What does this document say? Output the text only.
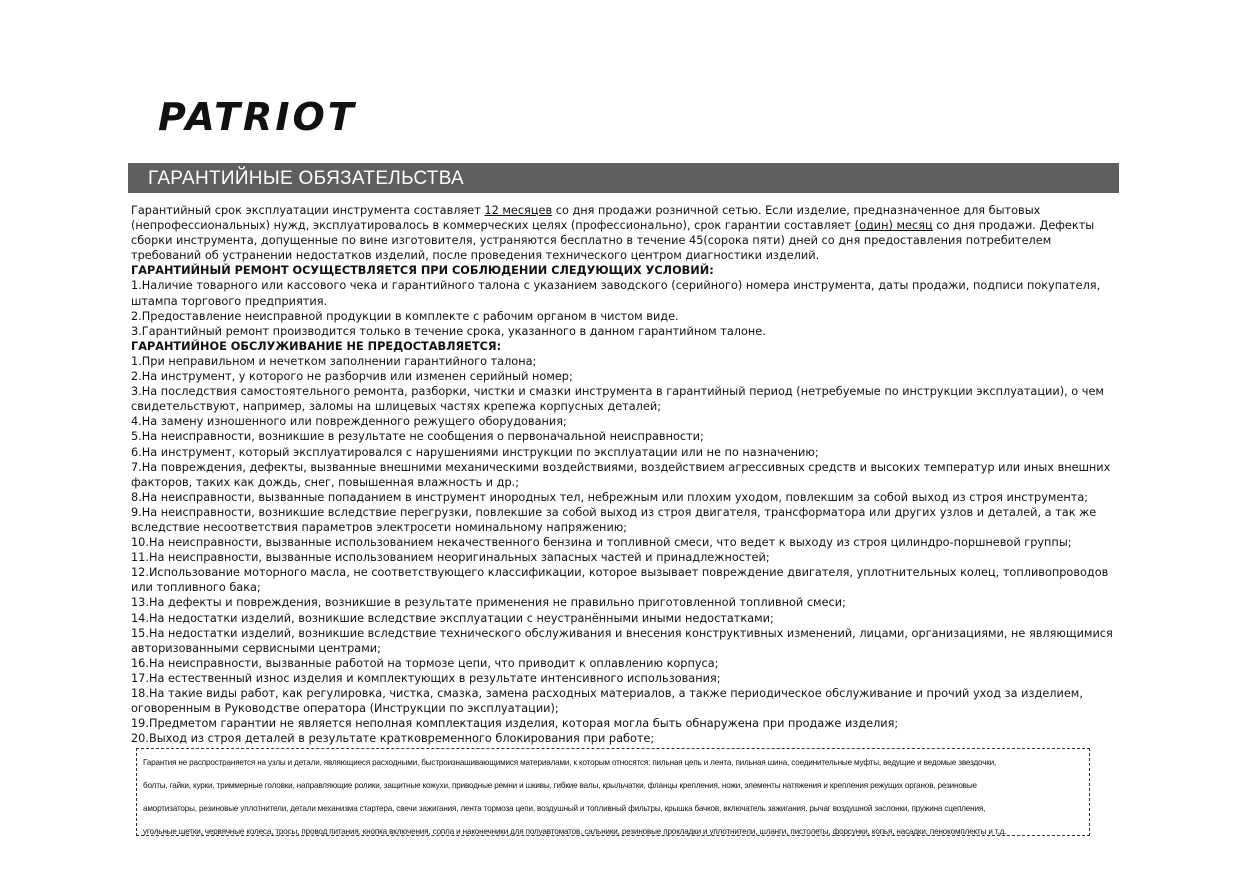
PATRIOT
ГАРАНТИЙНЫЕ ОБЯЗАТЕЛЬСТВА

Гарантийный срок эксплуатации инструмента составляет 12 месяцев со дня продажи розничной сетью. Если изделие, предназначенное для бытовых (непрофессиональных) нужд, эксплуатировалось в коммерческих целях (профессионально), срок гарантии составляет (один) месяц со дня продажи. Дефекты сборки инструмента, допущенные по вине изготовителя, устраняются бесплатно в течение 45(сорока пяти) дней со дня предоставления потребителем требований об устранении недостатков изделий, после проведения технического центром диагностики изделий.

ГАРАНТИЙНЫЙ РЕМОНТ ОСУЩЕСТВЛЯЕТСЯ ПРИ СОБЛЮДЕНИИ СЛЕДУЮЩИХ УСЛОВИЙ:

1.Наличие товарного или кассового чека и гарантийного талона с указанием заводского (серийного) номера инструмента, даты продажи, подписи покупателя, штампа торгового предприятия.

2.Предоставление неисправной продукции в комплекте с рабочим органом в чистом виде.

3.Гарантийный ремонт производится только в течение срока, указанного в данном гарантийном талоне.

ГАРАНТИЙНОЕ ОБСЛУЖИВАНИЕ НЕ ПРЕДОСТАВЛЯЕТСЯ:

1.При неправильном и нечетком заполнении гарантийного талона;

2.На инструмент, у которого не разборчив или изменен серийный номер;

3.На последствия самостоятельного ремонта, разборки, чистки и смазки инструмента в гарантийный период (нетребуемые по инструкции эксплуатации), о чем свидетельствуют, например, заломы на шлицевых частях крепежа корпусных деталей;

4.На замену изношенного или поврежденного режущего оборудования;

5.На неисправности, возникшие в результате не сообщения о первоначальной неисправности;

6.На инструмент, который эксплуатировался с нарушениями инструкции по эксплуатации или не по назначению;

7.На повреждения, дефекты, вызванные внешними механическими воздействиями, воздействием агрессивных средств и высоких температур или иных внешних факторов, таких как дождь, снег, повышенная влажность и др.;

8.На неисправности, вызванные попаданием в инструмент инородных тел, небрежным или плохим уходом, повлекшим за собой выход из строя инструмента;

9.На неисправности, возникшие вследствие перегрузки, повлекшие за собой выход из строя двигателя, трансформатора или других узлов и деталей, а так же вследствие несоответствия параметров электросети номинальному напряжению;

10.На неисправности, вызванные использованием некачественного бензина и топливной смеси, что ведет к выходу из строя цилиндро-поршневой группы;

11.На неисправности, вызванные использованием неоригинальных запасных частей и принадлежностей;

12.Использование моторного масла, не соответствующего классификации, которое вызывает повреждение двигателя, уплотнительных колец, топливопроводов или топливного бака;

13.На дефекты и повреждения, возникшие в результате применения не правильно приготовленной топливной смеси;

14.На недостатки изделий, возникшие вследствие эксплуатации с неустранёнными иными недостатками;

15.На недостатки изделий, возникшие вследствие технического обслуживания и внесения конструктивных изменений, лицами, организациями, не являющимися авторизованными сервисными центрами;

16.На неисправности, вызванные работой на тормозе цепи, что приводит к оплавлению корпуса;

17.На естественный износ изделия и комплектующих в результате интенсивного использования;

18.На такие виды работ, как регулировка, чистка, смазка, замена расходных материалов, а также периодическое обслуживание и прочий уход за изделием, оговоренным в Руководстве оператора (Инструкции по эксплуатации);

19.Предметом гарантии не является неполная комплектация изделия, которая могла быть обнаружена при продаже изделия;

20.Выход из строя деталей в результате кратковременного блокирования при работе;

Гарантия не распространяется на узлы и детали, являющиеся расходными, быстроизнашивающимися материалами, к которым относятся: пильная цепь и лента, пильная шина, соединительные муфты, ведущие и ведомые звездочки,
болты, гайки, курки, триммерные головки, направляющие ролики, защитные кожухи, приводные ремни и шкивы, гибкие валы, крыльчатки, фланцы крепления, ножи, элементы натяжения и крепления режущих органов, резиновые
амортизаторы, резиновые уплотнители, детали механизма стартера, свечи зажигания, лента тормоза цепи, воздушный и топливный фильтры, крышка бачков, включатель зажигания, рычаг воздушной заслонки, пружина сцепления,
угольные щетки, червячные колеса, тросы, провод питания, кнопка включения, сопла и наконечники для полуавтоматов, сальники, резиновые прокладки и уплотнители, шланги, пистолеты, форсунки, копья, насадки, пенокомплекты и т.д.
